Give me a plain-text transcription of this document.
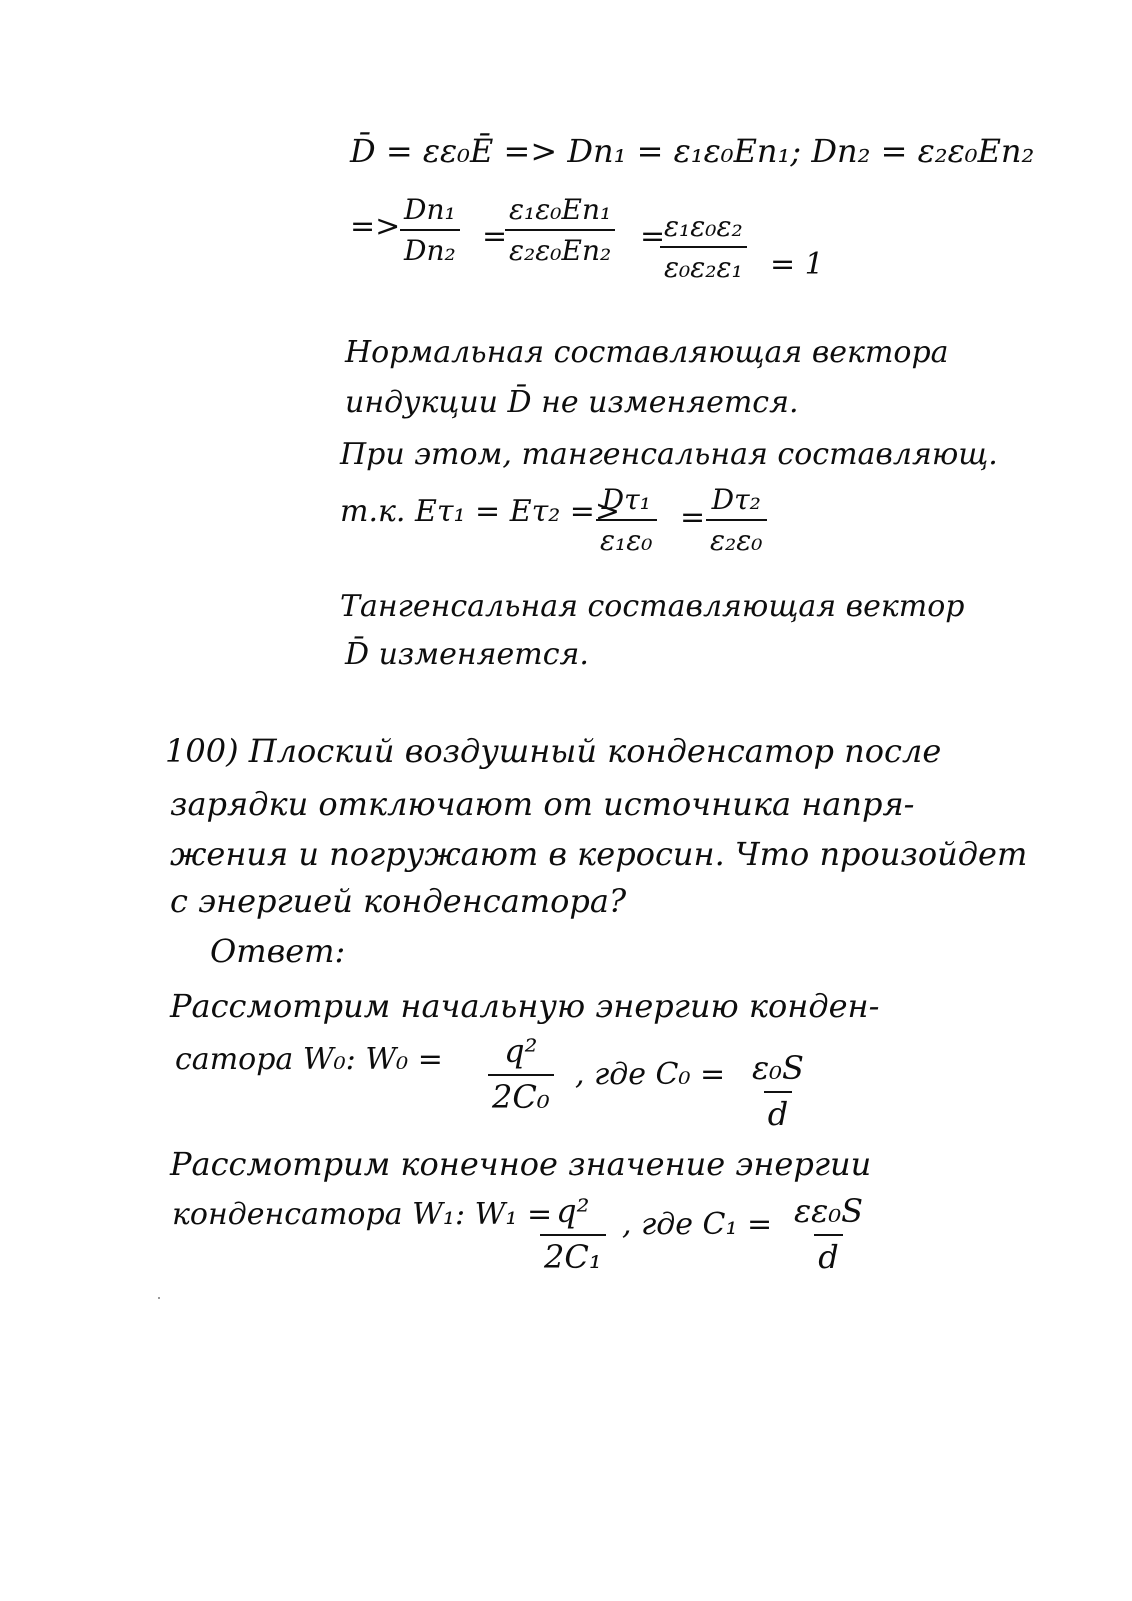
D̄ = εε₀Ē => Dn₁ = ε₁ε₀En₁; Dn₂ = ε₂ε₀En₂
=> $\frac{\text{Dn₁}}{\text{Dn₂}}$ =
$\frac{\text{ε₁ε₀En₁}}{\text{ε₂ε₀En₂}}$ =
$\frac{\text{ε₁ε₀ε₂}}{\text{ε₀ε₂ε₁}} = 1$
Нормальная составляющая вектора
индукции D̄ не изменяется.
При этом, тангенсальная составляющ.
т.к. Eτ₁ = Eτ₂ =>
$\frac{\text{Dτ₁}}{\text{ε₁ε₀}} = \frac{\text{Dτ₂}}{\text{ε₂ε₀}}$
Тангенсальная составляющая вектор
D̄ изменяется.
100) Плоский воздушный конденсатор после
зарядки отключают от источника напря-
жения и погружают в керосин. Что произойдет
с энергией конденсатора?
Ответ:
Рассмотрим начальную энергию конден-
сатора W₀: $W_0 = \frac{\text{q²}}{\text{2C₀}}$ , где $C_0 = \frac{\text{ε₀S}}{d}$
Рассмотрим конечное значение энергии
конденсатора W₁: W₁ =
$\frac{\text{q²}}{\text{2C₁}}$ , где $C_1 = \frac{\text{εε₀S}}{d}$
